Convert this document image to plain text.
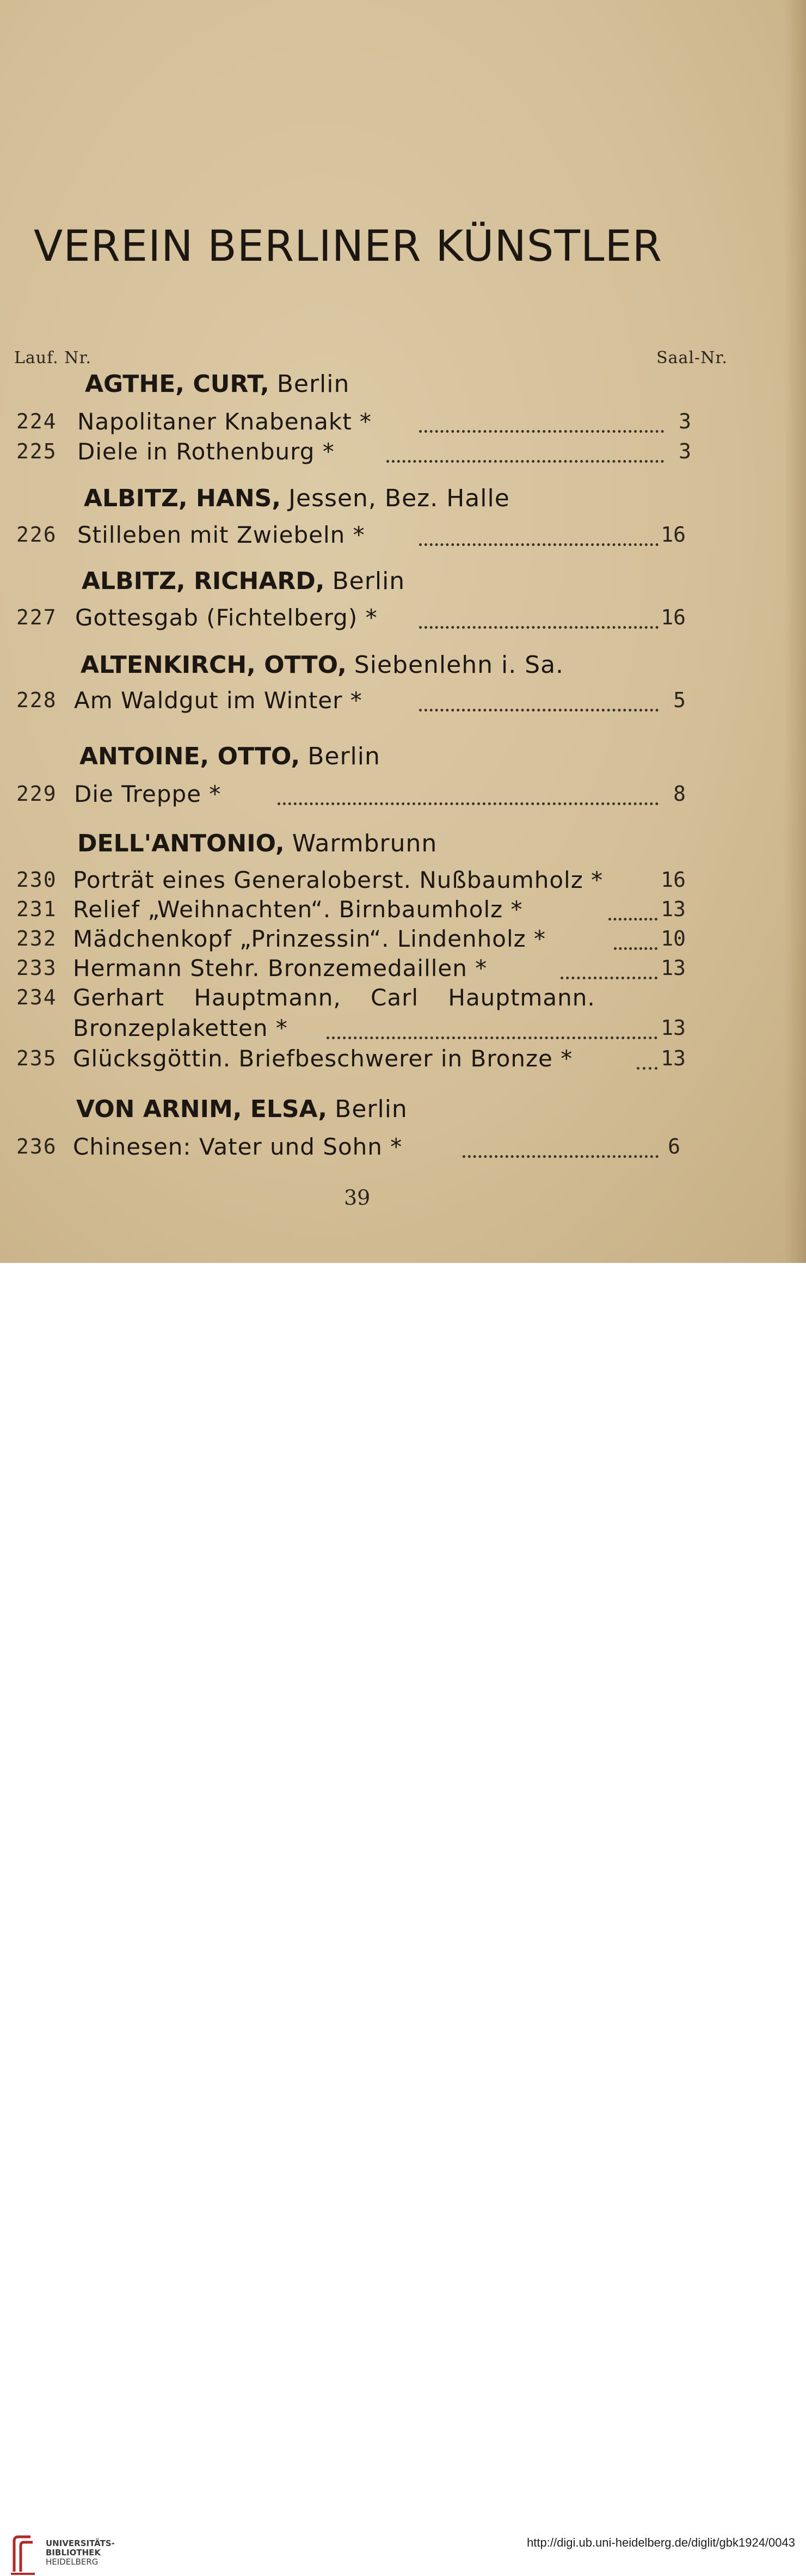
VEREIN BERLINER KÜNSTLER
Lauf. Nr.	Saal-Nr.
AGTHE, CURT, Berlin
224 Napolitaner Knabenakt *	3
225 Diele in Rothenburg *	3
ALBITZ, HANS, Jessen, Bez. Halle
226 Stilleben mit Zwiebeln *	16
ALBITZ, RICHARD, Berlin
227 Gottesgab (Fichtelberg) *	16
ALTENKIRCH, OTTO, Siebenlehn i. Sa.
228 Am Waldgut im Winter *	5
ANTOINE, OTTO, Berlin
229 Die Treppe *	8
DELL'ANTONIO, Warmbrunn
230 Porträt eines Generaloberst. Nußbaumholz *	16
231 Relief „Weihnachten“. Birnbaumholz *	13
232 Mädchenkopf „Prinzessin“. Lindenholz *	10
233 Hermann Stehr. Bronzemedaillen *	13
234 Gerhart Hauptmann, Carl Hauptmann.
Bronzeplaketten *	13
235 Glücksgöttin. Briefbeschwerer in Bronze *	13
VON ARNIM, ELSA, Berlin
236 Chinesen: Vater und Sohn *	6
39
UNIVERSITÄTS-
BIBLIOTHEK
HEIDELBERG
http://digi.ub.uni-heidelberg.de/diglit/gbk1924/0043
